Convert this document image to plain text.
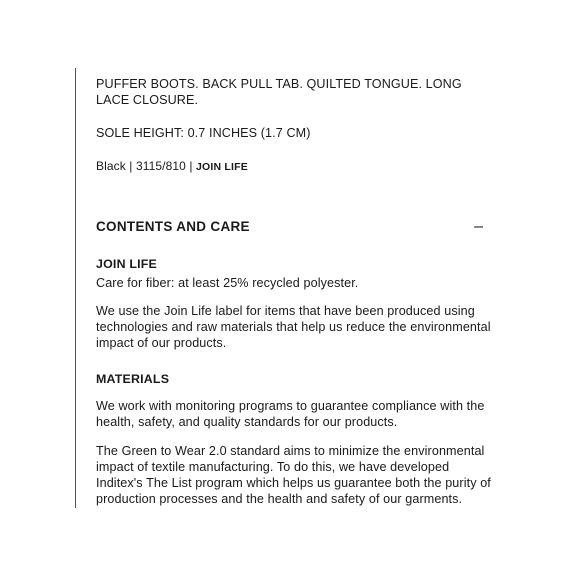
PUFFER BOOTS. BACK PULL TAB. QUILTED TONGUE. LONG LACE CLOSURE.

SOLE HEIGHT: 0.7 INCHES (1.7 CM)

Black | 3115/810 | JOIN LIFE

CONTENTS AND CARE	–

JOIN LIFE

Care for fiber: at least 25% recycled polyester.

We use the Join Life label for items that have been produced using technologies and raw materials that help us reduce the environmental impact of our products.

MATERIALS

We work with monitoring programs to guarantee compliance with the health, safety, and quality standards for our products.

The Green to Wear 2.0 standard aims to minimize the environmental impact of textile manufacturing. To do this, we have developed Inditex's The List program which helps us guarantee both the purity of production processes and the health and safety of our garments.
